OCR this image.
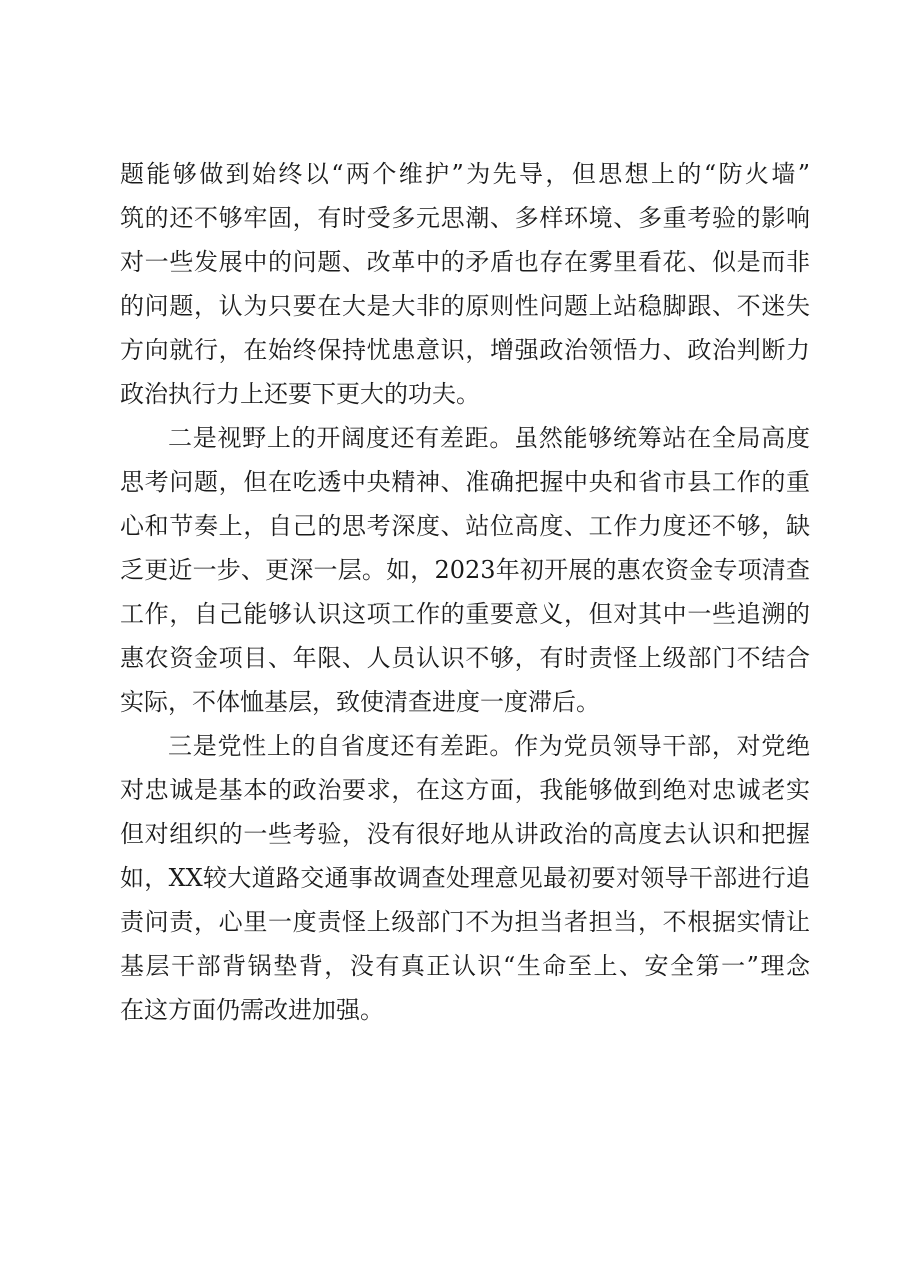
题能够做到始终以“两个维护”为先导，但思想上的“防火墙”
筑的还不够牢固，有时受多元思潮、多样环境、多重考验的影响
对一些发展中的问题、改革中的矛盾也存在雾里看花、似是而非
的问题，认为只要在大是大非的原则性问题上站稳脚跟、不迷失
方向就行，在始终保持忧患意识，增强政治领悟力、政治判断力
政治执行力上还要下更大的功夫。
二是视野上的开阔度还有差距。虽然能够统筹站在全局高度
思考问题，但在吃透中央精神、准确把握中央和省市县工作的重
心和节奏上，自己的思考深度、站位高度、工作力度还不够，缺
乏更近一步、更深一层。如，2023年初开展的惠农资金专项清查
工作，自己能够认识这项工作的重要意义，但对其中一些追溯的
惠农资金项目、年限、人员认识不够，有时责怪上级部门不结合
实际，不体恤基层，致使清查进度一度滞后。
三是党性上的自省度还有差距。作为党员领导干部，对党绝
对忠诚是基本的政治要求，在这方面，我能够做到绝对忠诚老实
但对组织的一些考验，没有很好地从讲政治的高度去认识和把握
如，XX较大道路交通事故调查处理意见最初要对领导干部进行追
责问责，心里一度责怪上级部门不为担当者担当，不根据实情让
基层干部背锅垫背，没有真正认识“生命至上、安全第一”理念
在这方面仍需改进加强。
